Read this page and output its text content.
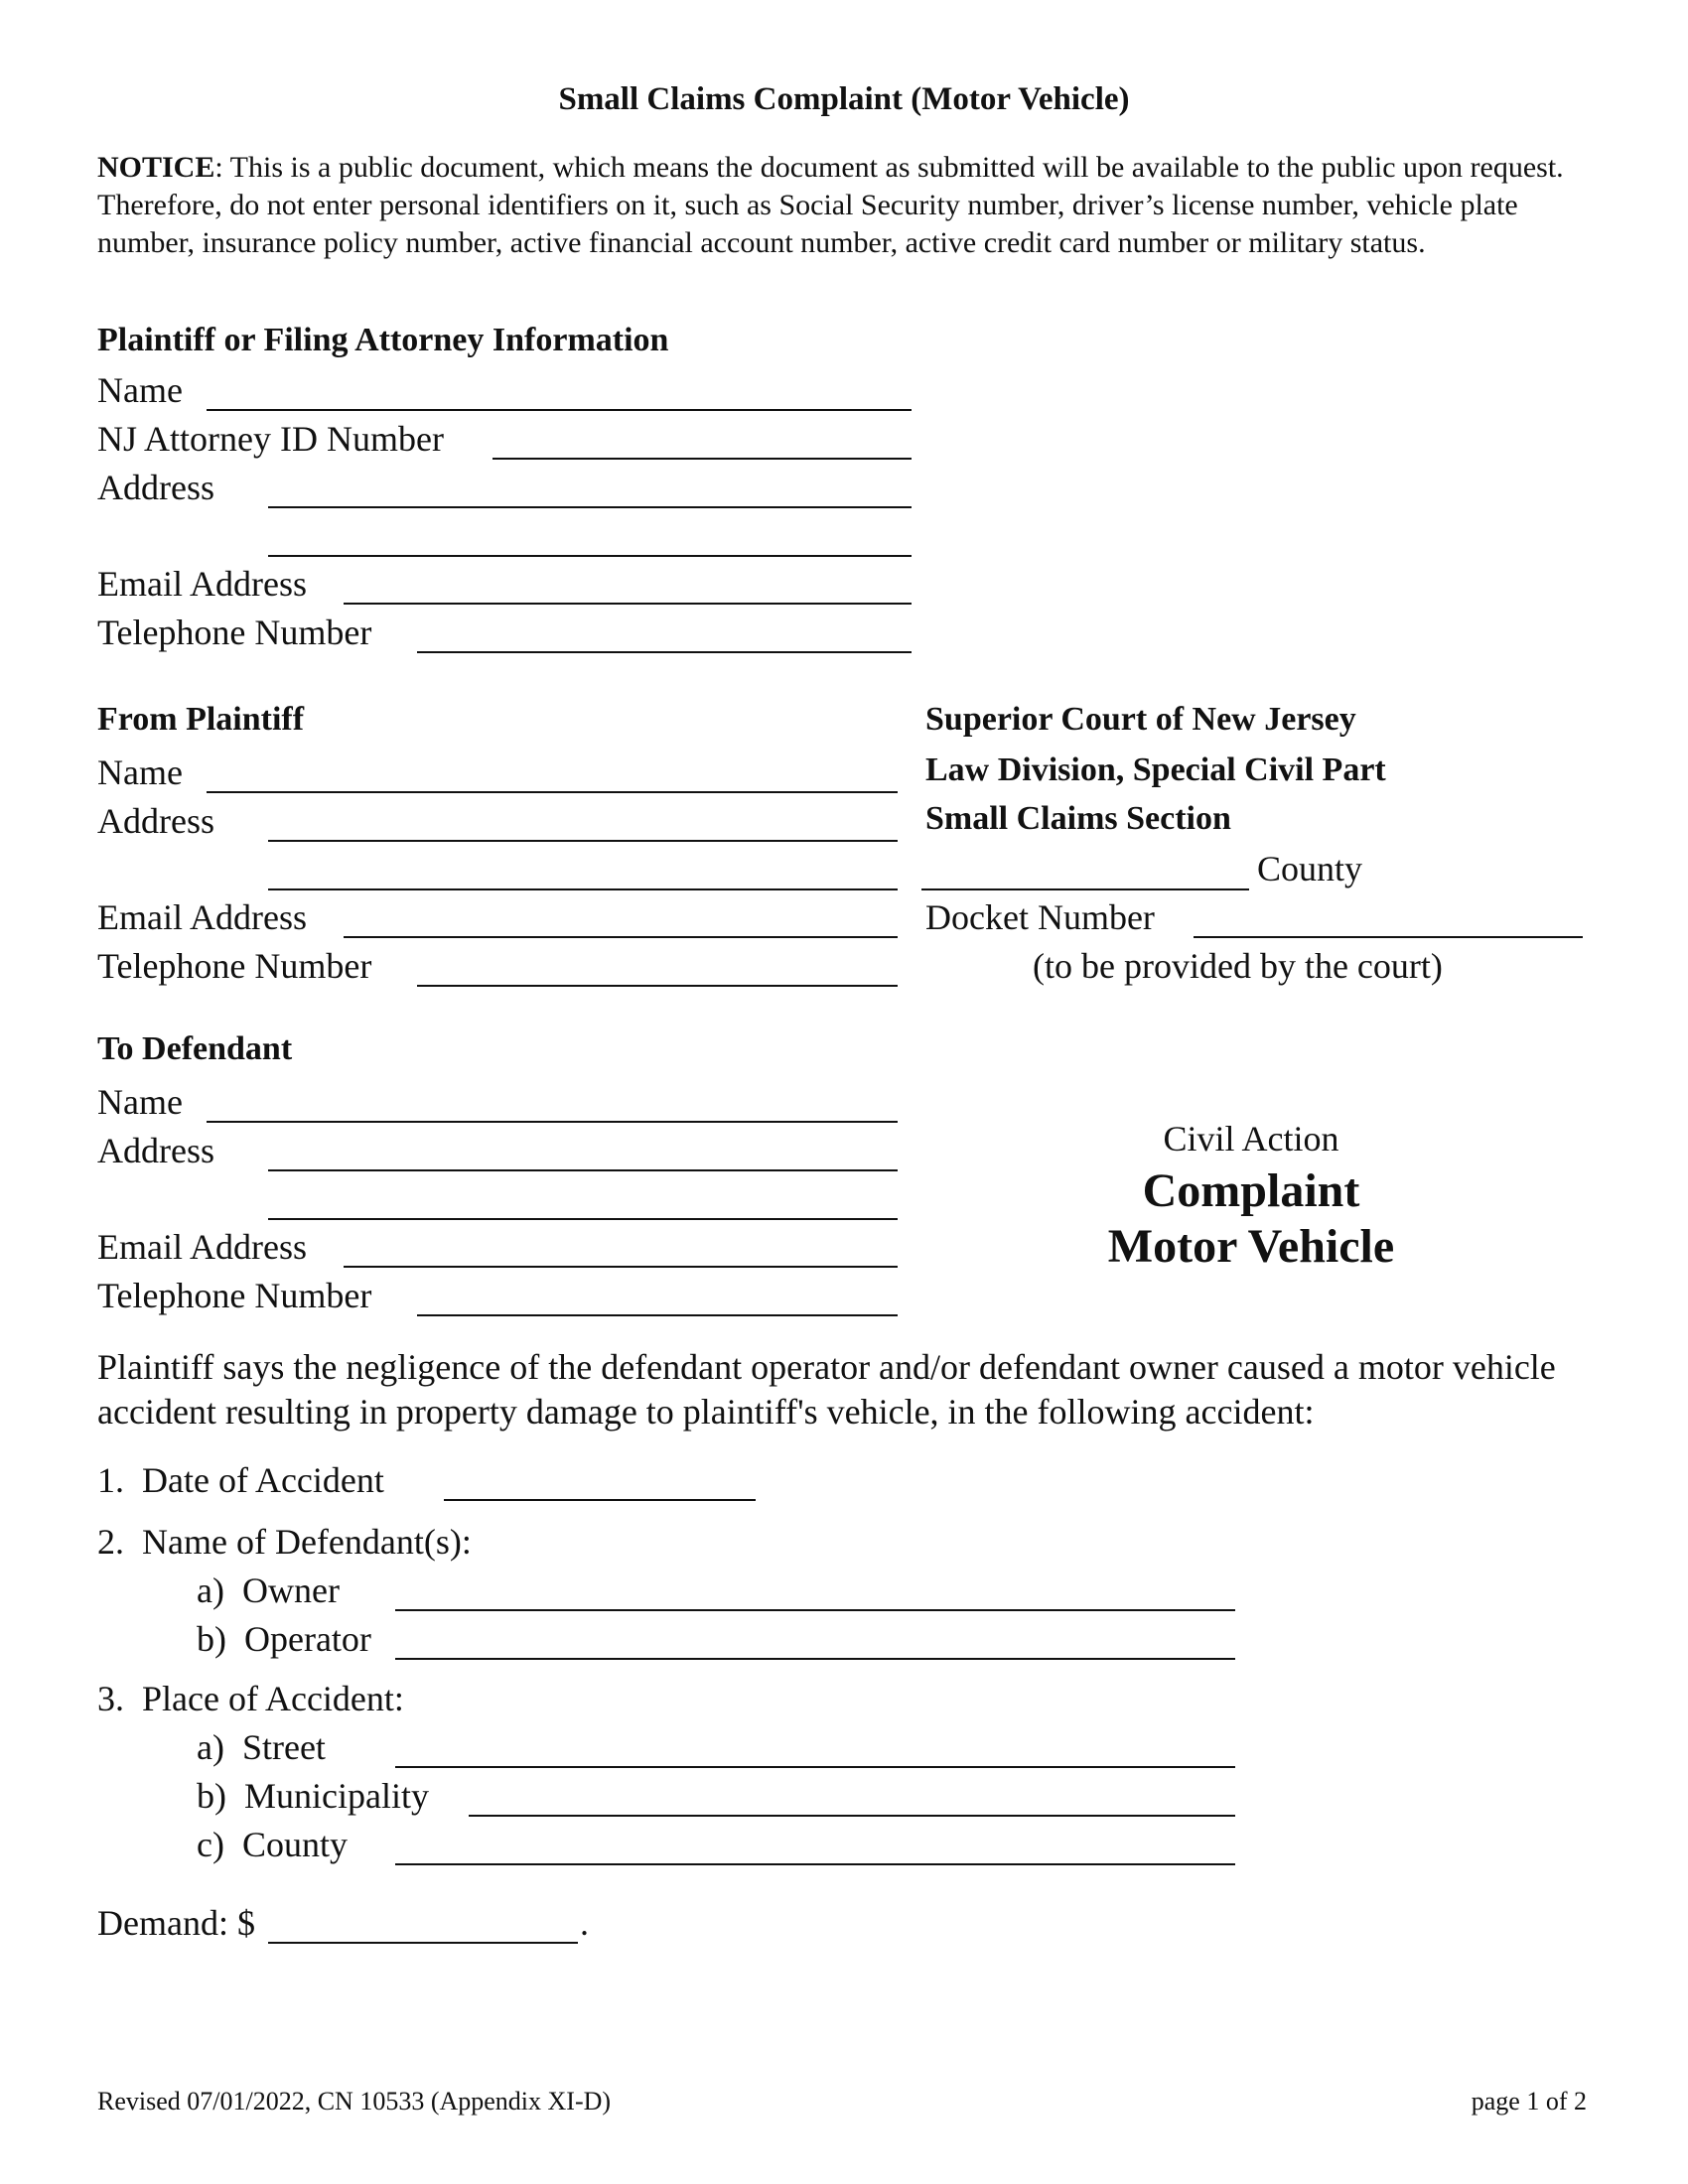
Small Claims Complaint (Motor Vehicle)
NOTICE: This is a public document, which means the document as submitted will be available to the public upon request. Therefore, do not enter personal identifiers on it, such as Social Security number, driver’s license number, vehicle plate number, insurance policy number, active financial account number, active credit card number or military status.
Plaintiff or Filing Attorney Information
Name
NJ Attorney ID Number
Address
Email Address
Telephone Number
From Plaintiff
Name
Address
Email Address
Telephone Number
Superior Court of New Jersey
Law Division, Special Civil Part
Small Claims Section
County
Docket Number
(to be provided by the court)
To Defendant
Name
Address
Email Address
Telephone Number
Civil Action
Complaint
Motor Vehicle
Plaintiff says the negligence of the defendant operator and/or defendant owner caused a motor vehicle accident resulting in property damage to plaintiff's vehicle, in the following accident:
1.  Date of Accident
2.  Name of Defendant(s):
a)  Owner
b)  Operator
3.  Place of Accident:
a)  Street
b)  Municipality
c)  County
Demand: $	.
Revised 07/01/2022, CN 10533 (Appendix XI-D)	page 1 of 2
